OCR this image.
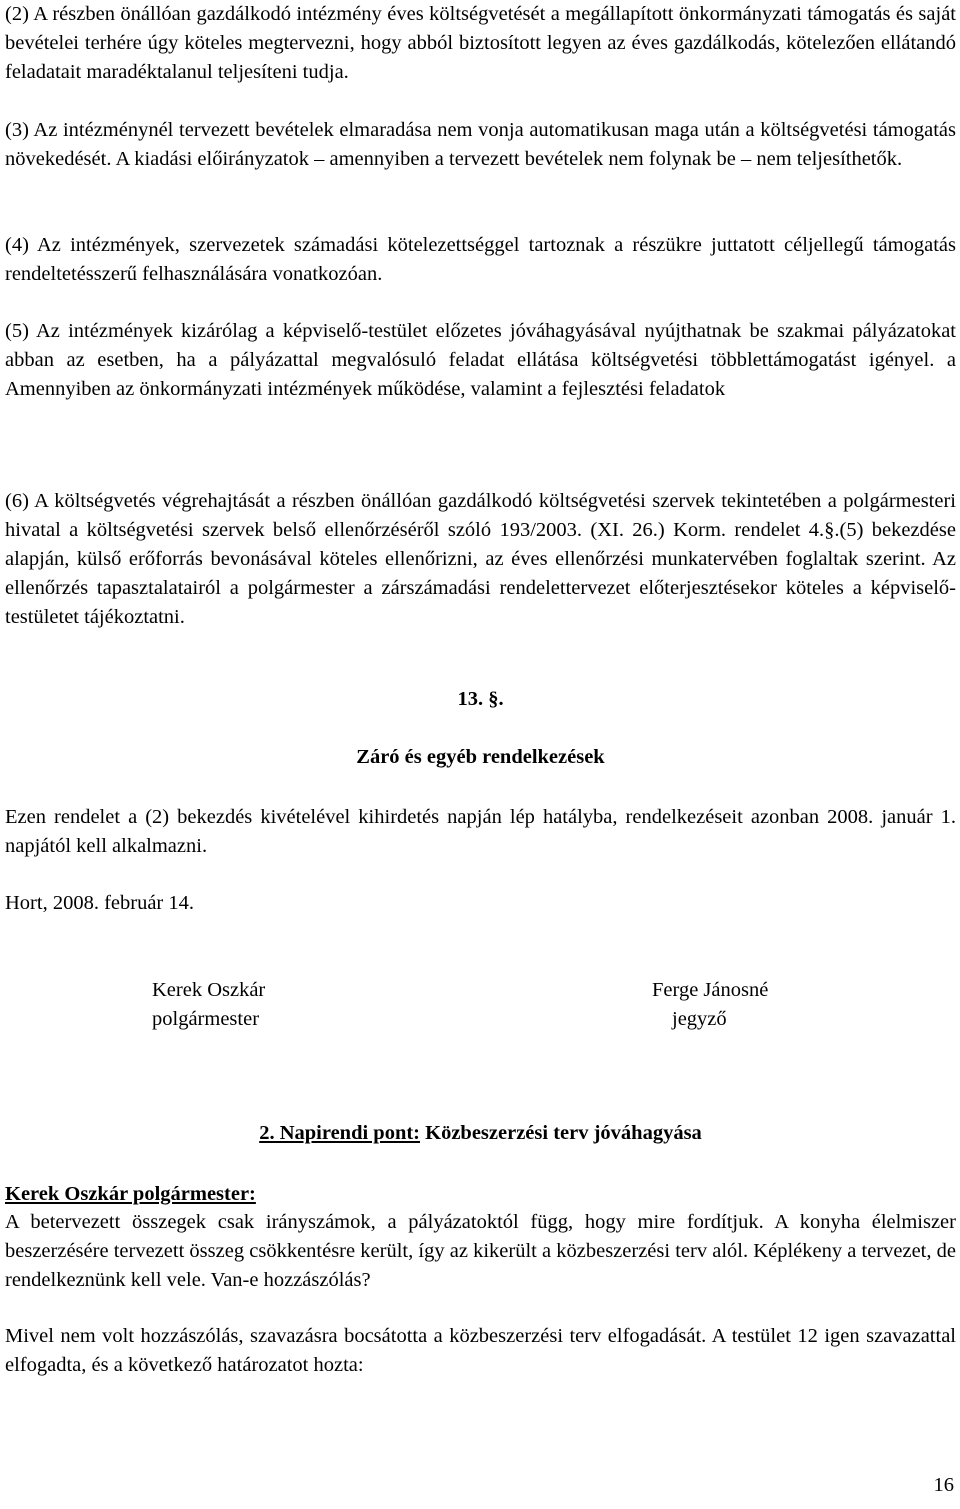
(2) A részben önállóan gazdálkodó intézmény éves költségvetését a megállapított önkormányzati támogatás és saját bevételei terhére úgy köteles megtervezni, hogy abból biztosított legyen az éves gazdálkodás, kötelezően ellátandó feladatait maradéktalanul teljesíteni tudja.
(3) Az intézménynél tervezett bevételek elmaradása nem vonja automatikusan maga után a költségvetési támogatás növekedését. A kiadási előirányzatok – amennyiben a tervezett bevételek nem folynak be – nem teljesíthetők.
(4) Az intézmények, szervezetek számadási kötelezettséggel tartoznak a részükre juttatott céljellegű támogatás rendeltetésszerű felhasználására vonatkozóan.
(5) Az intézmények kizárólag a képviselő-testület előzetes jóváhagyásával nyújthatnak be szakmai pályázatokat abban az esetben, ha a pályázattal megvalósuló feladat ellátása költségvetési többlettámogatást igényel. a Amennyiben az önkormányzati intézmények működése, valamint a fejlesztési feladatok
(6) A költségvetés végrehajtását a részben önállóan gazdálkodó költségvetési szervek tekintetében a polgármesteri hivatal a költségvetési szervek belső ellenőrzéséről szóló 193/2003. (XI. 26.) Korm. rendelet 4.§.(5) bekezdése alapján, külső erőforrás bevonásával köteles ellenőrizni, az éves ellenőrzési munkatervében foglaltak szerint. Az ellenőrzés tapasztalatairól a polgármester a zárszámadási rendelettervezet előterjesztésekor köteles a képviselő-testületet tájékoztatni.
13. §.
Záró és egyéb rendelkezések
Ezen rendelet a (2) bekezdés kivételével kihirdetés napján lép hatályba, rendelkezéseit azonban 2008. január 1. napjától kell alkalmazni.
Hort, 2008. február 14.
Kerek Oszkár
polgármester
Ferge Jánosné
jegyző
2. Napirendi pont: Közbeszerzési terv jóváhagyása
Kerek Oszkár polgármester:
A betervezett összegek csak irányszámok, a pályázatoktól függ, hogy mire fordítjuk. A konyha élelmiszer beszerzésére tervezett összeg csökkentésre került, így az kikerült a közbeszerzési terv alól. Képlékeny a tervezet, de rendelkeznünk kell vele. Van-e hozzászólás?
Mivel nem volt hozzászólás, szavazásra bocsátotta a közbeszerzési terv elfogadását. A testület 12 igen szavazattal elfogadta, és a következő határozatot hozta:
16
